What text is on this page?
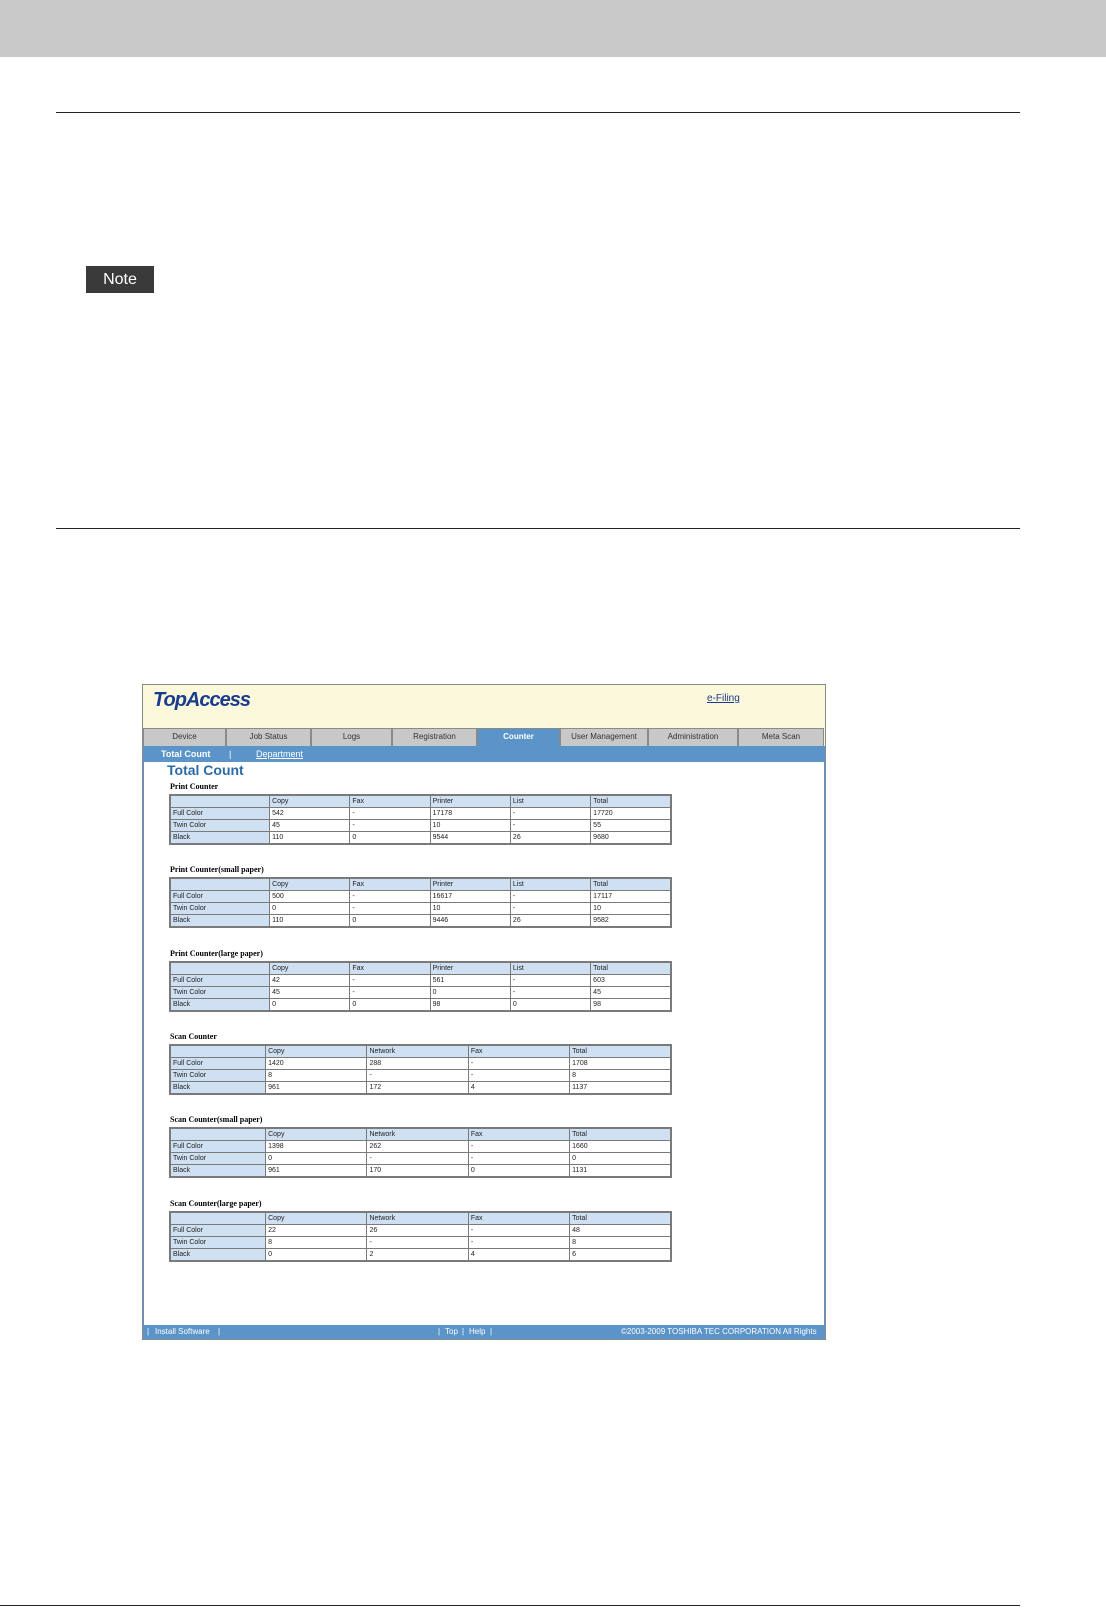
Note
TopAccess	e-Filing
Device	Job Status	Logs	Registration	Counter	User Management	Administration	Meta Scan
Total Count |	Department
Total Count
Print Counter
	Copy	Fax	Printer	List	Total
Full Color	542	-	17178	-	17720
Twin Color	45	-	10	-	55
Black	110	0	9544	26	9680
Print Counter(small paper)
	Copy	Fax	Printer	List	Total
Full Color	500	-	16617	-	17117
Twin Color	0	-	10	-	10
Black	110	0	9446	26	9582
Print Counter(large paper)
	Copy	Fax	Printer	List	Total
Full Color	42	-	561	-	603
Twin Color	45	-	0	-	45
Black	0	0	98	0	98
Scan Counter
	Copy	Network	Fax	Total
Full Color	1420	288	-	1708
Twin Color	8	-	-	8
Black	961	172	4	1137
Scan Counter(small paper)
	Copy	Network	Fax	Total
Full Color	1398	262	-	1660
Twin Color	0	-	-	0
Black	961	170	0	1131
Scan Counter(large paper)
	Copy	Network	Fax	Total
Full Color	22	26	-	48
Twin Color	8	-	-	8
Black	0	2	4	6
| Install Software |	| Top | Help |	©2003-2009 TOSHIBA TEC CORPORATION All Rights Reserved.
